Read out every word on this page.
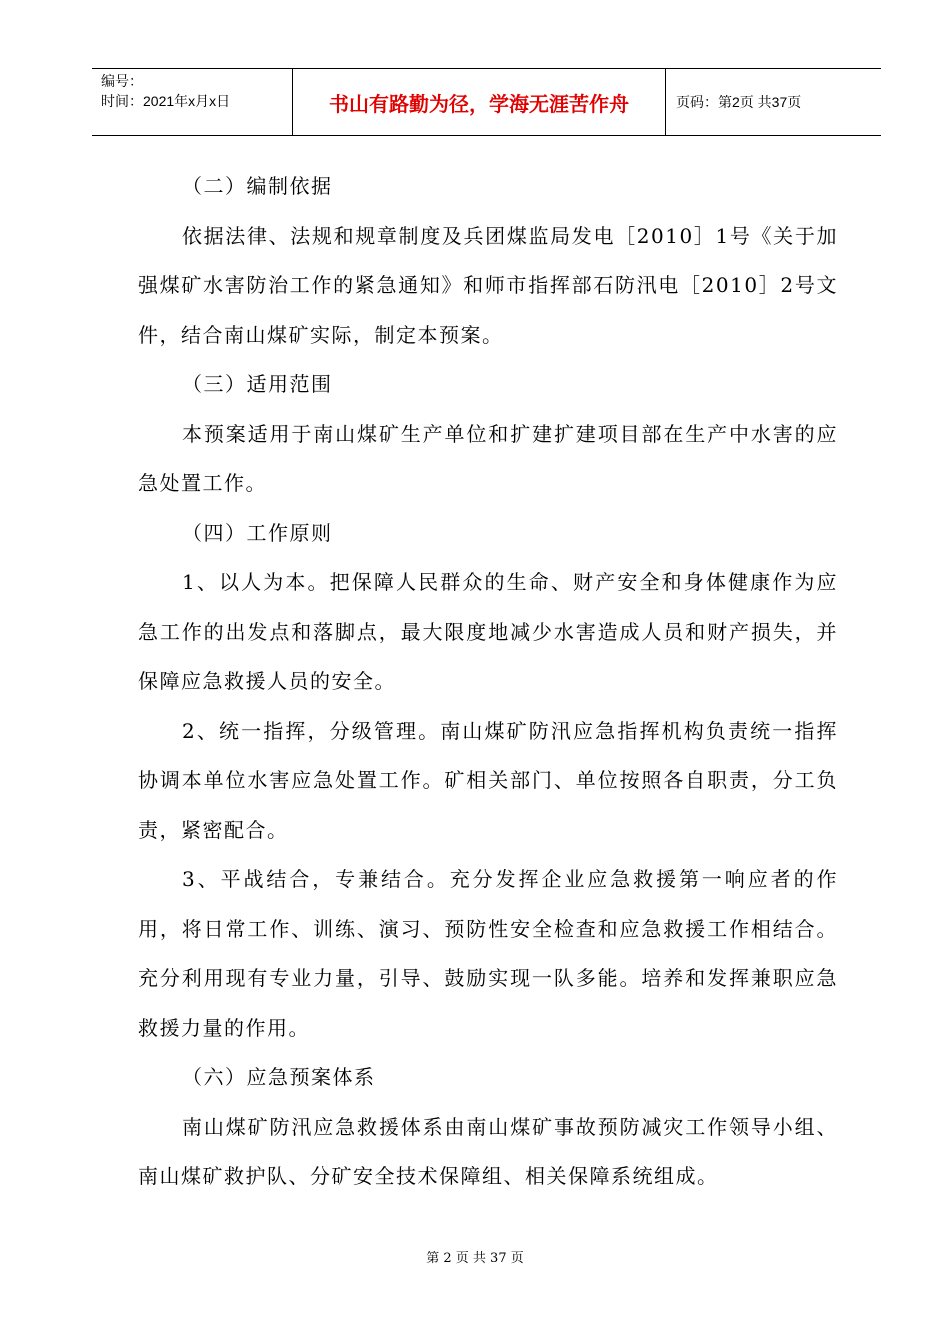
编号：
时间：2021年x月x日	书山有路勤为径，学海无涯苦作舟	页码：第2页 共37页

（二）编制依据

依据法律、法规和规章制度及兵团煤监局发电［2010］1号《关于加强煤矿水害防治工作的紧急通知》和师市指挥部石防汛电［2010］2号文件，结合南山煤矿实际，制定本预案。

（三）适用范围

本预案适用于南山煤矿生产单位和扩建扩建项目部在生产中水害的应急处置工作。

（四）工作原则

1、以人为本。把保障人民群众的生命、财产安全和身体健康作为应急工作的出发点和落脚点，最大限度地减少水害造成人员和财产损失，并保障应急救援人员的安全。

2、统一指挥，分级管理。南山煤矿防汛应急指挥机构负责统一指挥协调本单位水害应急处置工作。矿相关部门、单位按照各自职责，分工负责，紧密配合。

3、平战结合，专兼结合。充分发挥企业应急救援第一响应者的作用，将日常工作、训练、演习、预防性安全检查和应急救援工作相结合。充分利用现有专业力量，引导、鼓励实现一队多能。培养和发挥兼职应急救援力量的作用。

（六）应急预案体系

南山煤矿防汛应急救援体系由南山煤矿事故预防减灾工作领导小组、南山煤矿救护队、分矿安全技术保障组、相关保障系统组成。

第 2 页 共 37 页
